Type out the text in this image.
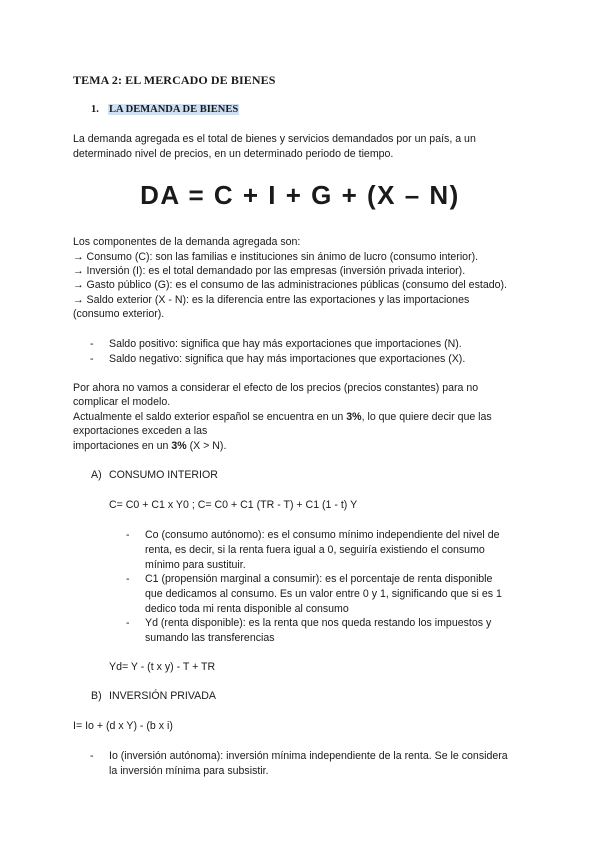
TEMA 2: EL MERCADO DE BIENES
1. LA DEMANDA DE BIENES
La demanda agregada es el total de bienes y servicios demandados por un país, a un
determinado nivel de precios, en un determinado periodo de tiempo.
DA = C + I + G + (X – N)
Los componentes de la demanda agregada son:
→ Consumo (C): son las familias e instituciones sin ánimo de lucro (consumo interior).
→ Inversión (I): es el total demandado por las empresas (inversión privada interior).
→ Gasto público (G): es el consumo de las administraciones públicas (consumo del estado).
→ Saldo exterior (X - N): es la diferencia entre las exportaciones y las importaciones
(consumo exterior).
- Saldo positivo: significa que hay más exportaciones que importaciones (N).
- Saldo negativo: significa que hay más importaciones que exportaciones (X).
Por ahora no vamos a considerar el efecto de los precios (precios constantes) para no
complicar el modelo.
Actualmente el saldo exterior español se encuentra en un 3%, lo que quiere decir que las
exportaciones exceden a las
importaciones en un 3% (X > N).
A) CONSUMO INTERIOR
C= C0 + C1 x Y0 ; C= C0 + C1 (TR - T) + C1 (1 - t) Y
- Co (consumo autónomo): es el consumo mínimo independiente del nivel de
renta, es decir, si la renta fuera igual a 0, seguiría existiendo el consumo
mínimo para sustituir.
- C1 (propensión marginal a consumir): es el porcentaje de renta disponible
que dedicamos al consumo. Es un valor entre 0 y 1, significando que si es 1
dedico toda mi renta disponible al consumo
- Yd (renta disponible): es la renta que nos queda restando los impuestos y
sumando las transferencias
Yd= Y - (t x y) - T + TR
B) INVERSIÓN PRIVADA
I= Io + (d x Y) - (b x i)
- Io (inversión autónoma): inversión mínima independiente de la renta. Se le considera
la inversión mínima para subsistir.
